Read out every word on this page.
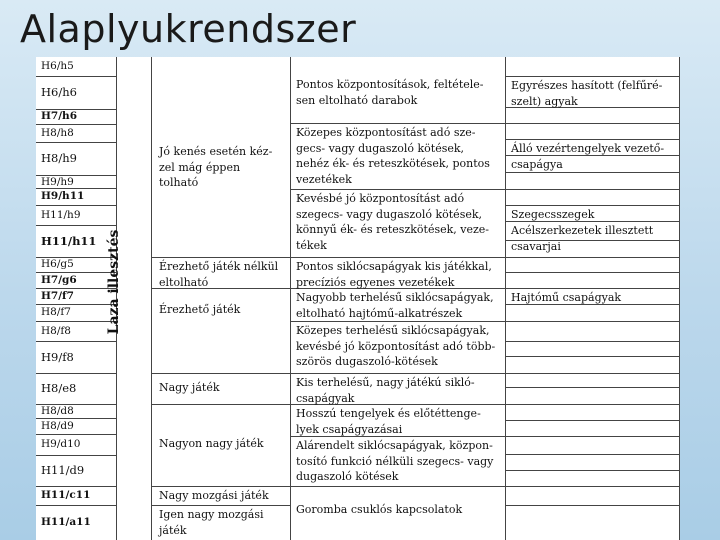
Alaplyukrendszer
Laza illesztés
H6/h5
H6/h6
H7/h6
H8/h8
H8/h9
H9/h9
H9/h11
H11/h9
H11/h11
H6/g5
H7/g6
H7/f7
H8/f7
H8/f8
H9/f8
H8/e8
H8/d8
H8/d9
H9/d10
H11/d9
H11/c11
H11/a11
Jó kenés esetén kéz-
zel mág éppen
tolható
Érezhető játék nélkül
eltolható
Érezhető játék
Nagy játék
Nagyon nagy játék
Nagy mozgási játék
Igen nagy mozgási
játék
Pontos központosítások, feltétele-
sen eltolható darabok
Közepes központosítást adó sze-
gecs- vagy dugaszoló kötések,
nehéz ék- és reteszkötések, pontos
vezetékek
Kevésbé jó központosítást adó
szegecs- vagy dugaszoló kötések,
könnyű ék- és reteszkötések, veze-
tékek
Pontos siklócsapágyak kis játékkal,
precíziós egyenes vezetékek
Nagyobb terhelésű siklócsapágyak,
eltolható hajtómű-alkatrészek
Közepes terhelésű siklócsapágyak,
kevésbé jó központosítást adó több-
szörös dugaszoló-kötések
Kis terhelésű, nagy játékú sikló-
csapágyak
Hosszú tengelyek és előtéttenge-
lyek csapágyazásai
Alárendelt siklócsapágyak, közpon-
tosító funkció nélküli szegecs- vagy
dugaszoló kötések
Goromba csuklós kapcsolatok
Egyrészes hasított (felfűré-
szelt) agyak
Álló vezértengelyek vezető-
csapágya
Szegecsszegek
Acélszerkezetek illesztett
csavarjai
Hajtómű csapágyak
